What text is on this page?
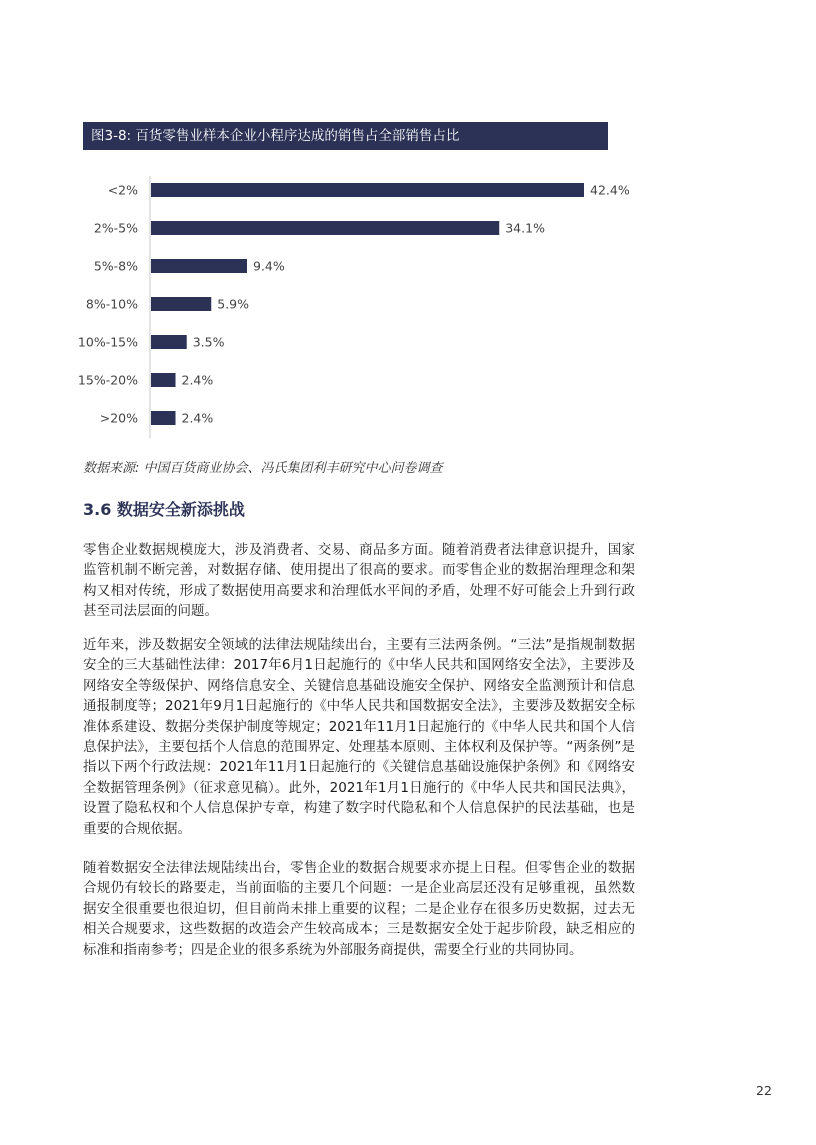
图3-8: 百货零售业样本企业小程序达成的销售占全部销售占比
<2%	42.4%
2%-5%	34.1%
5%-8%	9.4%
8%-10%	5.9%
10%-15%	3.5%
15%-20%	2.4%
>20%	2.4%
数据来源: 中国百货商业协会、冯氏集团利丰研究中心问卷调查
3.6 数据安全新添挑战

零售企业数据规模庞大，涉及消费者、交易、商品多方面。随着消费者法律意识提升，国家监管机制不断完善，对数据存储、使用提出了很高的要求。而零售企业的数据治理理念和架构又相对传统，形成了数据使用高要求和治理低水平间的矛盾，处理不好可能会上升到行政甚至司法层面的问题。

近年来，涉及数据安全领域的法律法规陆续出台，主要有三法两条例。“三法”是指规制数据安全的三大基础性法律：2017年6月1日起施行的《中华人民共和国网络安全法》，主要涉及网络安全等级保护、网络信息安全、关键信息基础设施安全保护、网络安全监测预计和信息通报制度等；2021年9月1日起施行的《中华人民共和国数据安全法》，主要涉及数据安全标准体系建设、数据分类保护制度等规定；2021年11月1日起施行的《中华人民共和国个人信息保护法》，主要包括个人信息的范围界定、处理基本原则、主体权利及保护等。“两条例”是指以下两个行政法规：2021年11月1日起施行的《关键信息基础设施保护条例》和《网络安全数据管理条例》（征求意见稿）。此外，2021年1月1日施行的《中华人民共和国民法典》，设置了隐私权和个人信息保护专章，构建了数字时代隐私和个人信息保护的民法基础，也是重要的合规依据。

随着数据安全法律法规陆续出台，零售企业的数据合规要求亦提上日程。但零售企业的数据合规仍有较长的路要走，当前面临的主要几个问题：一是企业高层还没有足够重视，虽然数据安全很重要也很迫切，但目前尚未排上重要的议程；二是企业存在很多历史数据，过去无相关合规要求，这些数据的改造会产生较高成本；三是数据安全处于起步阶段，缺乏相应的标准和指南参考；四是企业的很多系统为外部服务商提供，需要全行业的共同协同。

22
